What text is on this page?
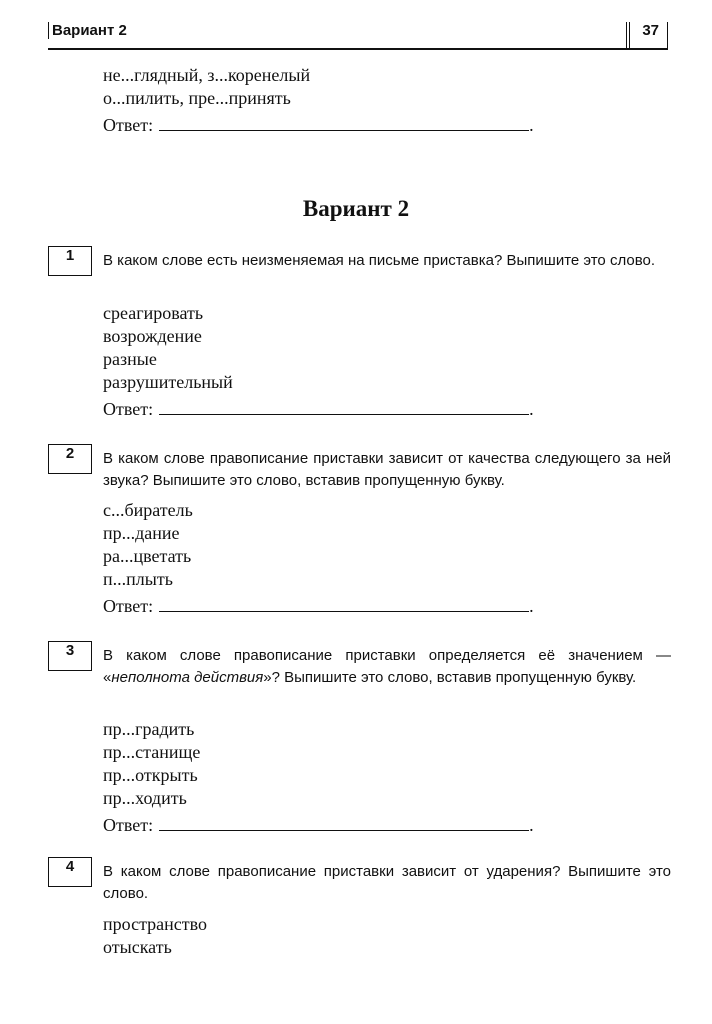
Вариант 2	37
не...глядный, з...коренелый
о...пилить, пре...принять
Ответ:	.
Вариант 2
1	В каком слове есть неизменяемая на письме приставка? Выпишите это слово.
среагировать
возрождение
разные
разрушительный
Ответ:	.
2	В каком слове правописание приставки зависит от качества следующего за ней звука? Выпишите это слово, вставив пропущенную букву.
с...биратель
пр...дание
ра...цветать
п...плыть
Ответ:	.
3	В каком слове правописание приставки определяется её значением — «неполнота действия»? Выпишите это слово, вставив пропущенную букву.
пр...градить
пр...станище
пр...открыть
пр...ходить
Ответ:	.
4	В каком слове правописание приставки зависит от ударения? Выпишите это слово.
пространство
отыскать
